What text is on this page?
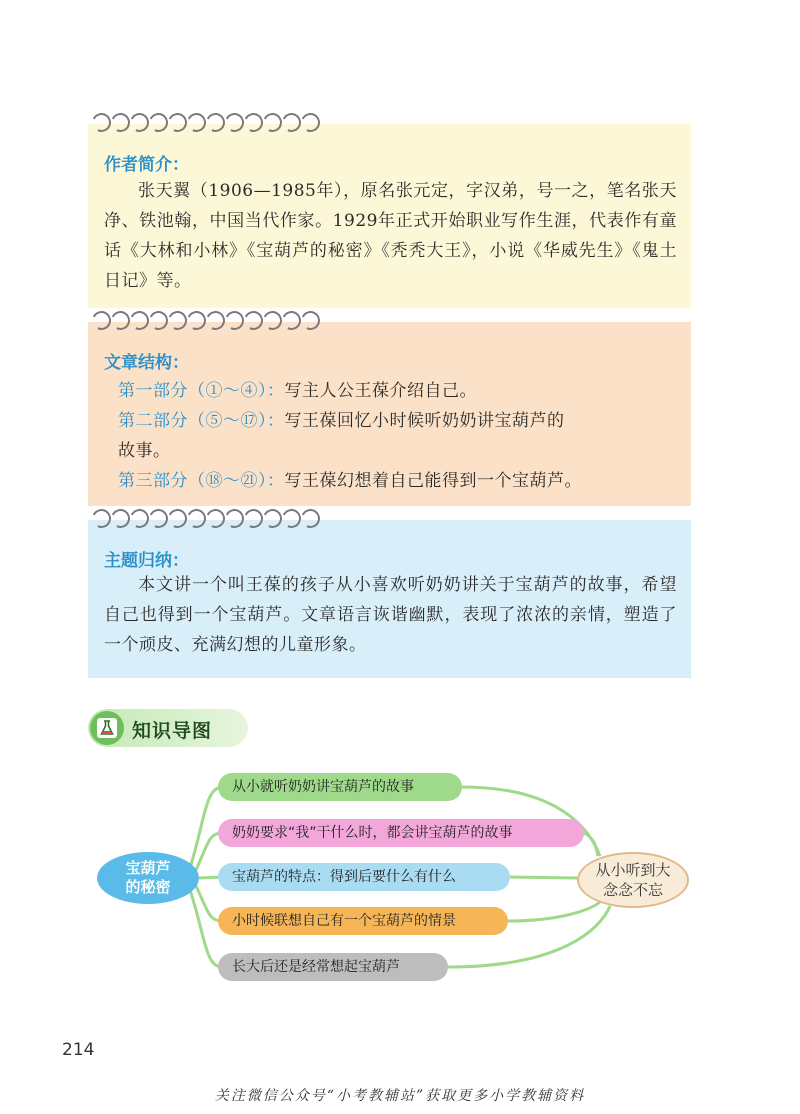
作者简介：
张天翼（1906—1985年），原名张元定，字汉弟，号一之，笔名张天净、铁池翰，中国当代作家。1929年正式开始职业写作生涯，代表作有童话《大林和小林》《宝葫芦的秘密》《秃秃大王》，小说《华威先生》《鬼土日记》等。
文章结构：
第一部分（①～④）：写主人公王葆介绍自己。
第二部分（⑤～⑰）：写王葆回忆小时候听奶奶讲宝葫芦的
故事。
第三部分（⑱～㉑）：写王葆幻想着自己能得到一个宝葫芦。
主题归纳：
本文讲一个叫王葆的孩子从小喜欢听奶奶讲关于宝葫芦的故事，希望自己也得到一个宝葫芦。文章语言诙谐幽默，表现了浓浓的亲情，塑造了一个顽皮、充满幻想的儿童形象。
知识导图
宝葫芦
的秘密
从小就听奶奶讲宝葫芦的故事
奶奶要求“我”干什么时，都会讲宝葫芦的故事
宝葫芦的特点：得到后要什么有什么
小时候联想自己有一个宝葫芦的情景
长大后还是经常想起宝葫芦
从小听到大
念念不忘
214
关注微信公众号“小考教辅站”获取更多小学教辅资料
